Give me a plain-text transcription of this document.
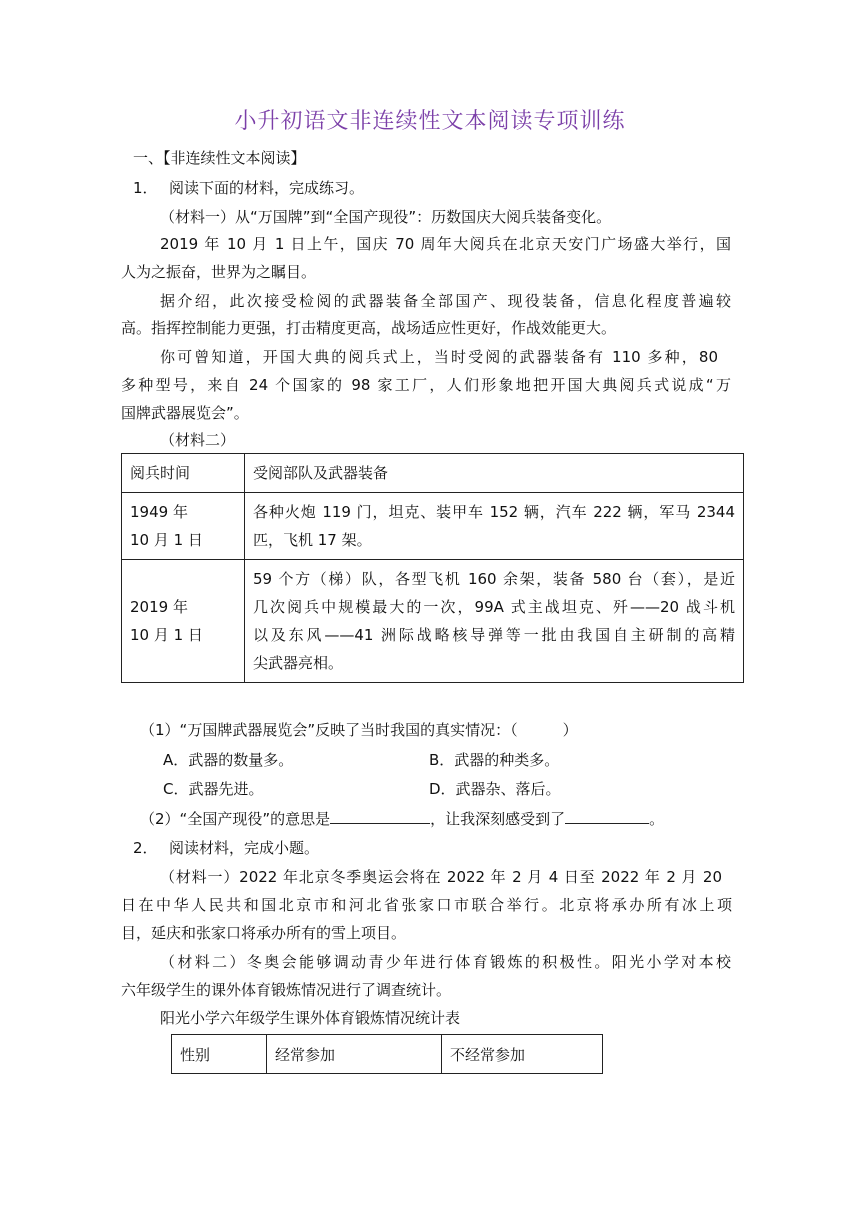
小升初语文非连续性文本阅读专项训练
一、【非连续性文本阅读】
1． 阅读下面的材料，完成练习。
（材料一）从“万国牌”到“全国产现役”：历数国庆大阅兵装备变化。
2019 年 10 月 1 日上午，国庆 70 周年大阅兵在北京天安门广场盛大举行，国
人为之振奋，世界为之瞩目。
据介绍，此次接受检阅的武器装备全部国产、现役装备，信息化程度普遍较
高。指挥控制能力更强，打击精度更高，战场适应性更好，作战效能更大。
你可曾知道，开国大典的阅兵式上，当时受阅的武器装备有 110 多种，80
多种型号，来自 24 个国家的 98 家工厂，人们形象地把开国大典阅兵式说成“万
国牌武器展览会”。
（材料二）
阅兵时间	受阅部队及武器装备

1949 年
10 月 1 日	各种火炮 119 门，坦克、装甲车 152 辆，汽车 222 辆，军马 2344
匹，飞机 17 架。

2019 年
10 月 1 日	59 个方（梯）队，各型飞机 160 余架，装备 580 台（套），是近
几次阅兵中规模最大的一次，99A 式主战坦克、歼——20 战斗机
以及东风——41 洲际战略核导弹等一批由我国自主研制的高精
尖武器亮相。
（1）“万国牌武器展览会”反映了当时我国的真实情况：（　　　）
A．武器的数量多。	B．武器的种类多。
C．武器先进。	D．武器杂、落后。
（2）“全国产现役”的意思是	，让我深刻感受到了	。
2． 阅读材料，完成小题。
（材料一）2022 年北京冬季奥运会将在 2022 年 2 月 4 日至 2022 年 2 月 20
日在中华人民共和国北京市和河北省张家口市联合举行。北京将承办所有冰上项
目，延庆和张家口将承办所有的雪上项目。
（材料二）冬奥会能够调动青少年进行体育锻炼的积极性。阳光小学对本校
六年级学生的课外体育锻炼情况进行了调查统计。
阳光小学六年级学生课外体育锻炼情况统计表
性别	经常参加	不经常参加
